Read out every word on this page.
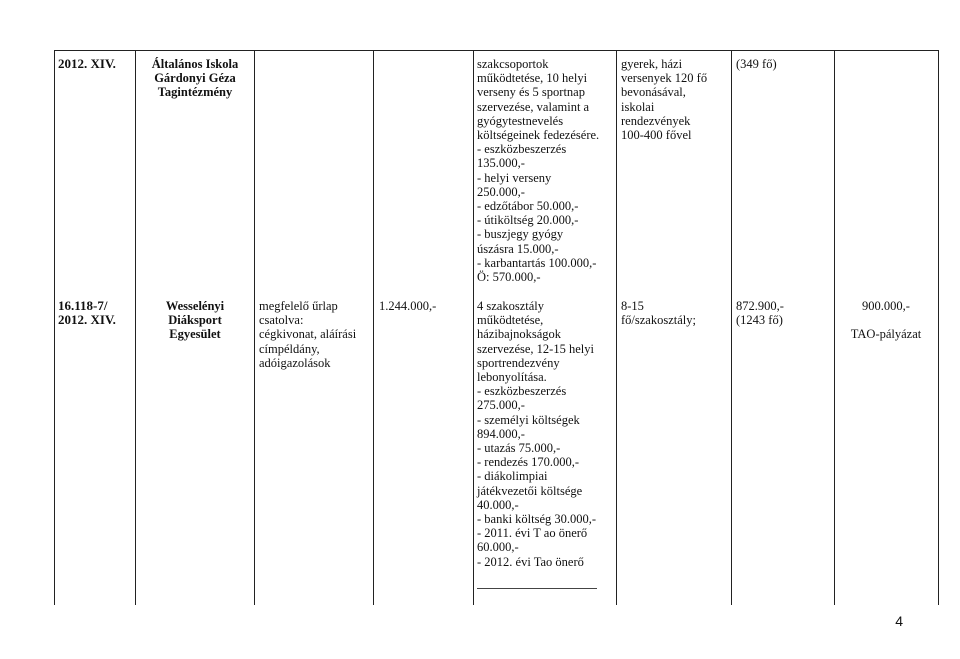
2012. XIV.	Általános Iskola
Gárdonyi Géza
Tagintézmény
szakcsoportok
működtetése, 10 helyi
verseny és 5 sportnap
szervezése, valamint a
gyógytestnevelés
költségeinek fedezésére.
- eszközbeszerzés
135.000,-
- helyi verseny
250.000,-
- edzőtábor 50.000,-
- útiköltség 20.000,-
- buszjegy gyógy
úszásra 15.000,-
- karbantartás 100.000,-
Ö: 570.000,-
gyerek, házi
versenyek 120 fő
bevonásával,
iskolai
rendezvények
100-400 fővel
(349 fő)
16.118-7/
2012. XIV.
Wesselényi
Diáksport
Egyesület
megfelelő űrlap
csatolva:
cégkivonat, aláírási
címpéldány,
adóigazolások
1.244.000,-	4 szakosztály
működtetése,
házibajnokságok
szervezése, 12-15 helyi
sportrendezvény
lebonyolítása.
- eszközbeszerzés
275.000,-
- személyi költségek
894.000,-
- utazás 75.000,-
- rendezés 170.000,-
- diákolimpiai
játékvezetői költsége
40.000,-
- banki költség 30.000,-
- 2011. évi T ao önerő
60.000,-
- 2012. évi Tao önerő
8-15
fő/szakosztály;
872.900,-
(1243 fő)
900.000,-

TAO-pályázat
4
